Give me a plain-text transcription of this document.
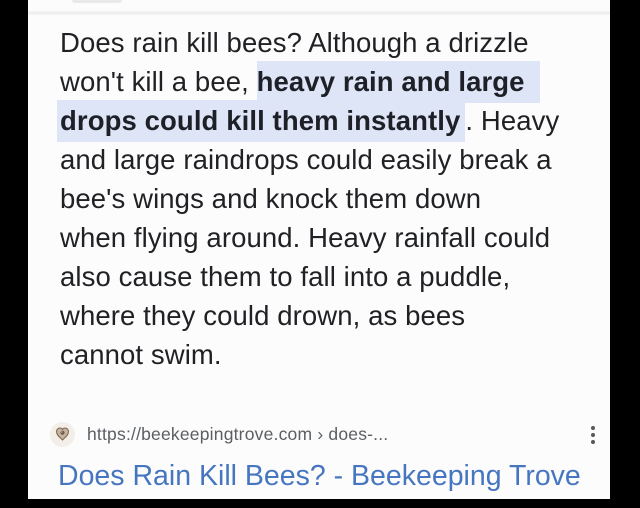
Does rain kill bees? Although a drizzle
won't kill a bee, heavy rain and large
drops could kill them instantly . Heavy
and large raindrops could easily break a
bee's wings and knock them down
when flying around. Heavy rainfall could
also cause them to fall into a puddle,
where they could drown, as bees
cannot swim.
https://beekeepingtrove.com › does-...
Does Rain Kill Bees? - Beekeeping Trove
